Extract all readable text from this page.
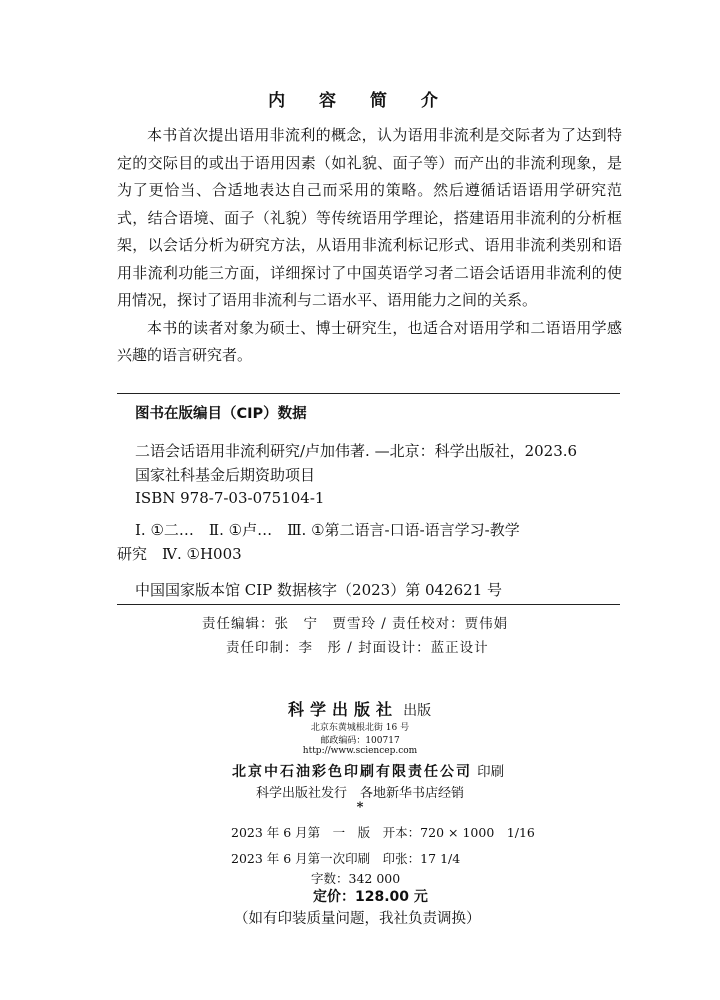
内 容 简 介

本书首次提出语用非流利的概念，认为语用非流利是交际者为了达到特定的交际目的或出于语用因素（如礼貌、面子等）而产出的非流利现象，是为了更恰当、合适地表达自己而采用的策略。然后遵循话语语用学研究范式，结合语境、面子（礼貌）等传统语用学理论，搭建语用非流利的分析框架，以会话分析为研究方法，从语用非流利标记形式、语用非流利类别和语用非流利功能三方面，详细探讨了中国英语学习者二语会话语用非流利的使用情况，探讨了语用非流利与二语水平、语用能力之间的关系。

本书的读者对象为硕士、博士研究生，也适合对语用学和二语语用学感兴趣的语言研究者。

图书在版编目（CIP）数据
二语会话语用非流利研究/卢加伟著. —北京：科学出版社，2023.6
国家社科基金后期资助项目
ISBN 978-7-03-075104-1
Ⅰ. ①二…　Ⅱ. ①卢…　Ⅲ. ①第二语言-口语-语言学习-教学
研究　Ⅳ. ①H003
中国国家版本馆 CIP 数据核字（2023）第 042621 号
责任编辑：张　宁　贾雪玲 / 责任校对：贾伟娟
责任印制：李　彤 / 封面设计：蓝正设计
科学出版社 出版
北京东黄城根北街 16 号
邮政编码：100717
http://www.sciencep.com
北京中石油彩色印刷有限责任公司 印刷
科学出版社发行　各地新华书店经销
*
2023 年 6 月第　一　版　开本：720 × 1000　1/16
2023 年 6 月第一次印刷　印张：17 1/4
字数：342 000
定价：128.00 元
（如有印装质量问题，我社负责调换）
